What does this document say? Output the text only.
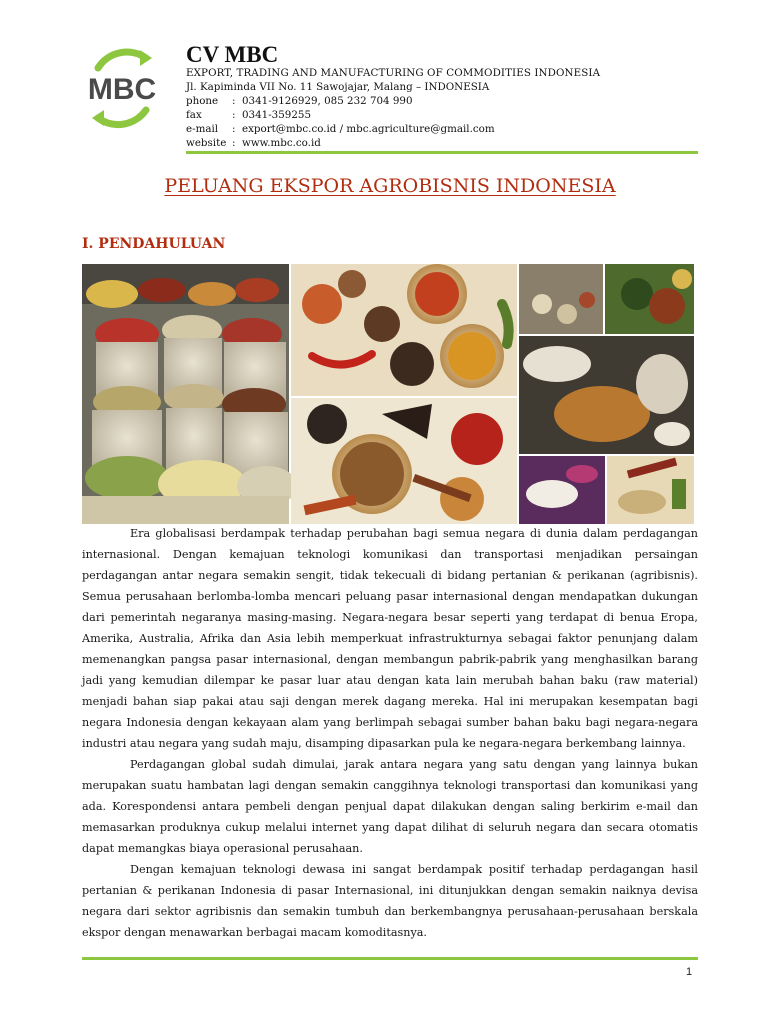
MBC
CV MBC
EXPORT, TRADING AND MANUFACTURING OF COMMODITIES INDONESIA
Jl. Kapiminda VII No. 11 Sawojajar, Malang – INDONESIA
phone : 0341-9126929, 085 232 704 990
fax	: 0341-359255
e-mail : export@mbc.co.id / mbc.agriculture@gmail.com
website : www.mbc.co.id
PELUANG EKSPOR AGROBISNIS INDONESIA
I. PENDAHULUAN

Era globalisasi berdampak terhadap perubahan bagi semua negara di dunia dalam perdagangan internasional. Dengan kemajuan teknologi komunikasi dan transportasi menjadikan persaingan perdagangan antar negara semakin sengit, tidak tekecuali di bidang pertanian & perikanan (agribisnis). Semua perusahaan berlomba-lomba mencari peluang pasar internasional dengan mendapatkan dukungan dari pemerintah negaranya masing-masing. Negara-negara besar seperti yang terdapat di benua Eropa, Amerika, Australia, Afrika dan Asia lebih memperkuat infrastrukturnya sebagai faktor penunjang dalam memenangkan pangsa pasar internasional, dengan membangun pabrik-pabrik yang menghasilkan barang jadi yang kemudian dilempar ke pasar luar atau dengan kata lain merubah bahan baku (raw material) menjadi bahan siap pakai atau saji dengan merek dagang mereka. Hal ini merupakan kesempatan bagi negara Indonesia dengan kekayaan alam yang berlimpah sebagai sumber bahan baku bagi negara-negara industri atau negara yang sudah maju, disamping dipasarkan pula ke negara-negara berkembang lainnya.

Perdagangan global sudah dimulai, jarak antara negara yang satu dengan yang lainnya bukan merupakan suatu hambatan lagi dengan semakin canggihnya teknologi transportasi dan komunikasi yang ada. Korespondensi antara pembeli dengan penjual dapat dilakukan dengan saling berkirim e-mail dan memasarkan produknya cukup melalui internet yang dapat dilihat di seluruh negara dan secara otomatis dapat memangkas biaya operasional perusahaan.

Dengan kemajuan teknologi dewasa ini sangat berdampak positif terhadap perdagangan hasil pertanian & perikanan Indonesia di pasar Internasional, ini ditunjukkan dengan semakin naiknya devisa negara dari sektor agribisnis dan semakin tumbuh dan berkembangnya perusahaan-perusahaan berskala ekspor dengan menawarkan berbagai macam komoditasnya.

1
